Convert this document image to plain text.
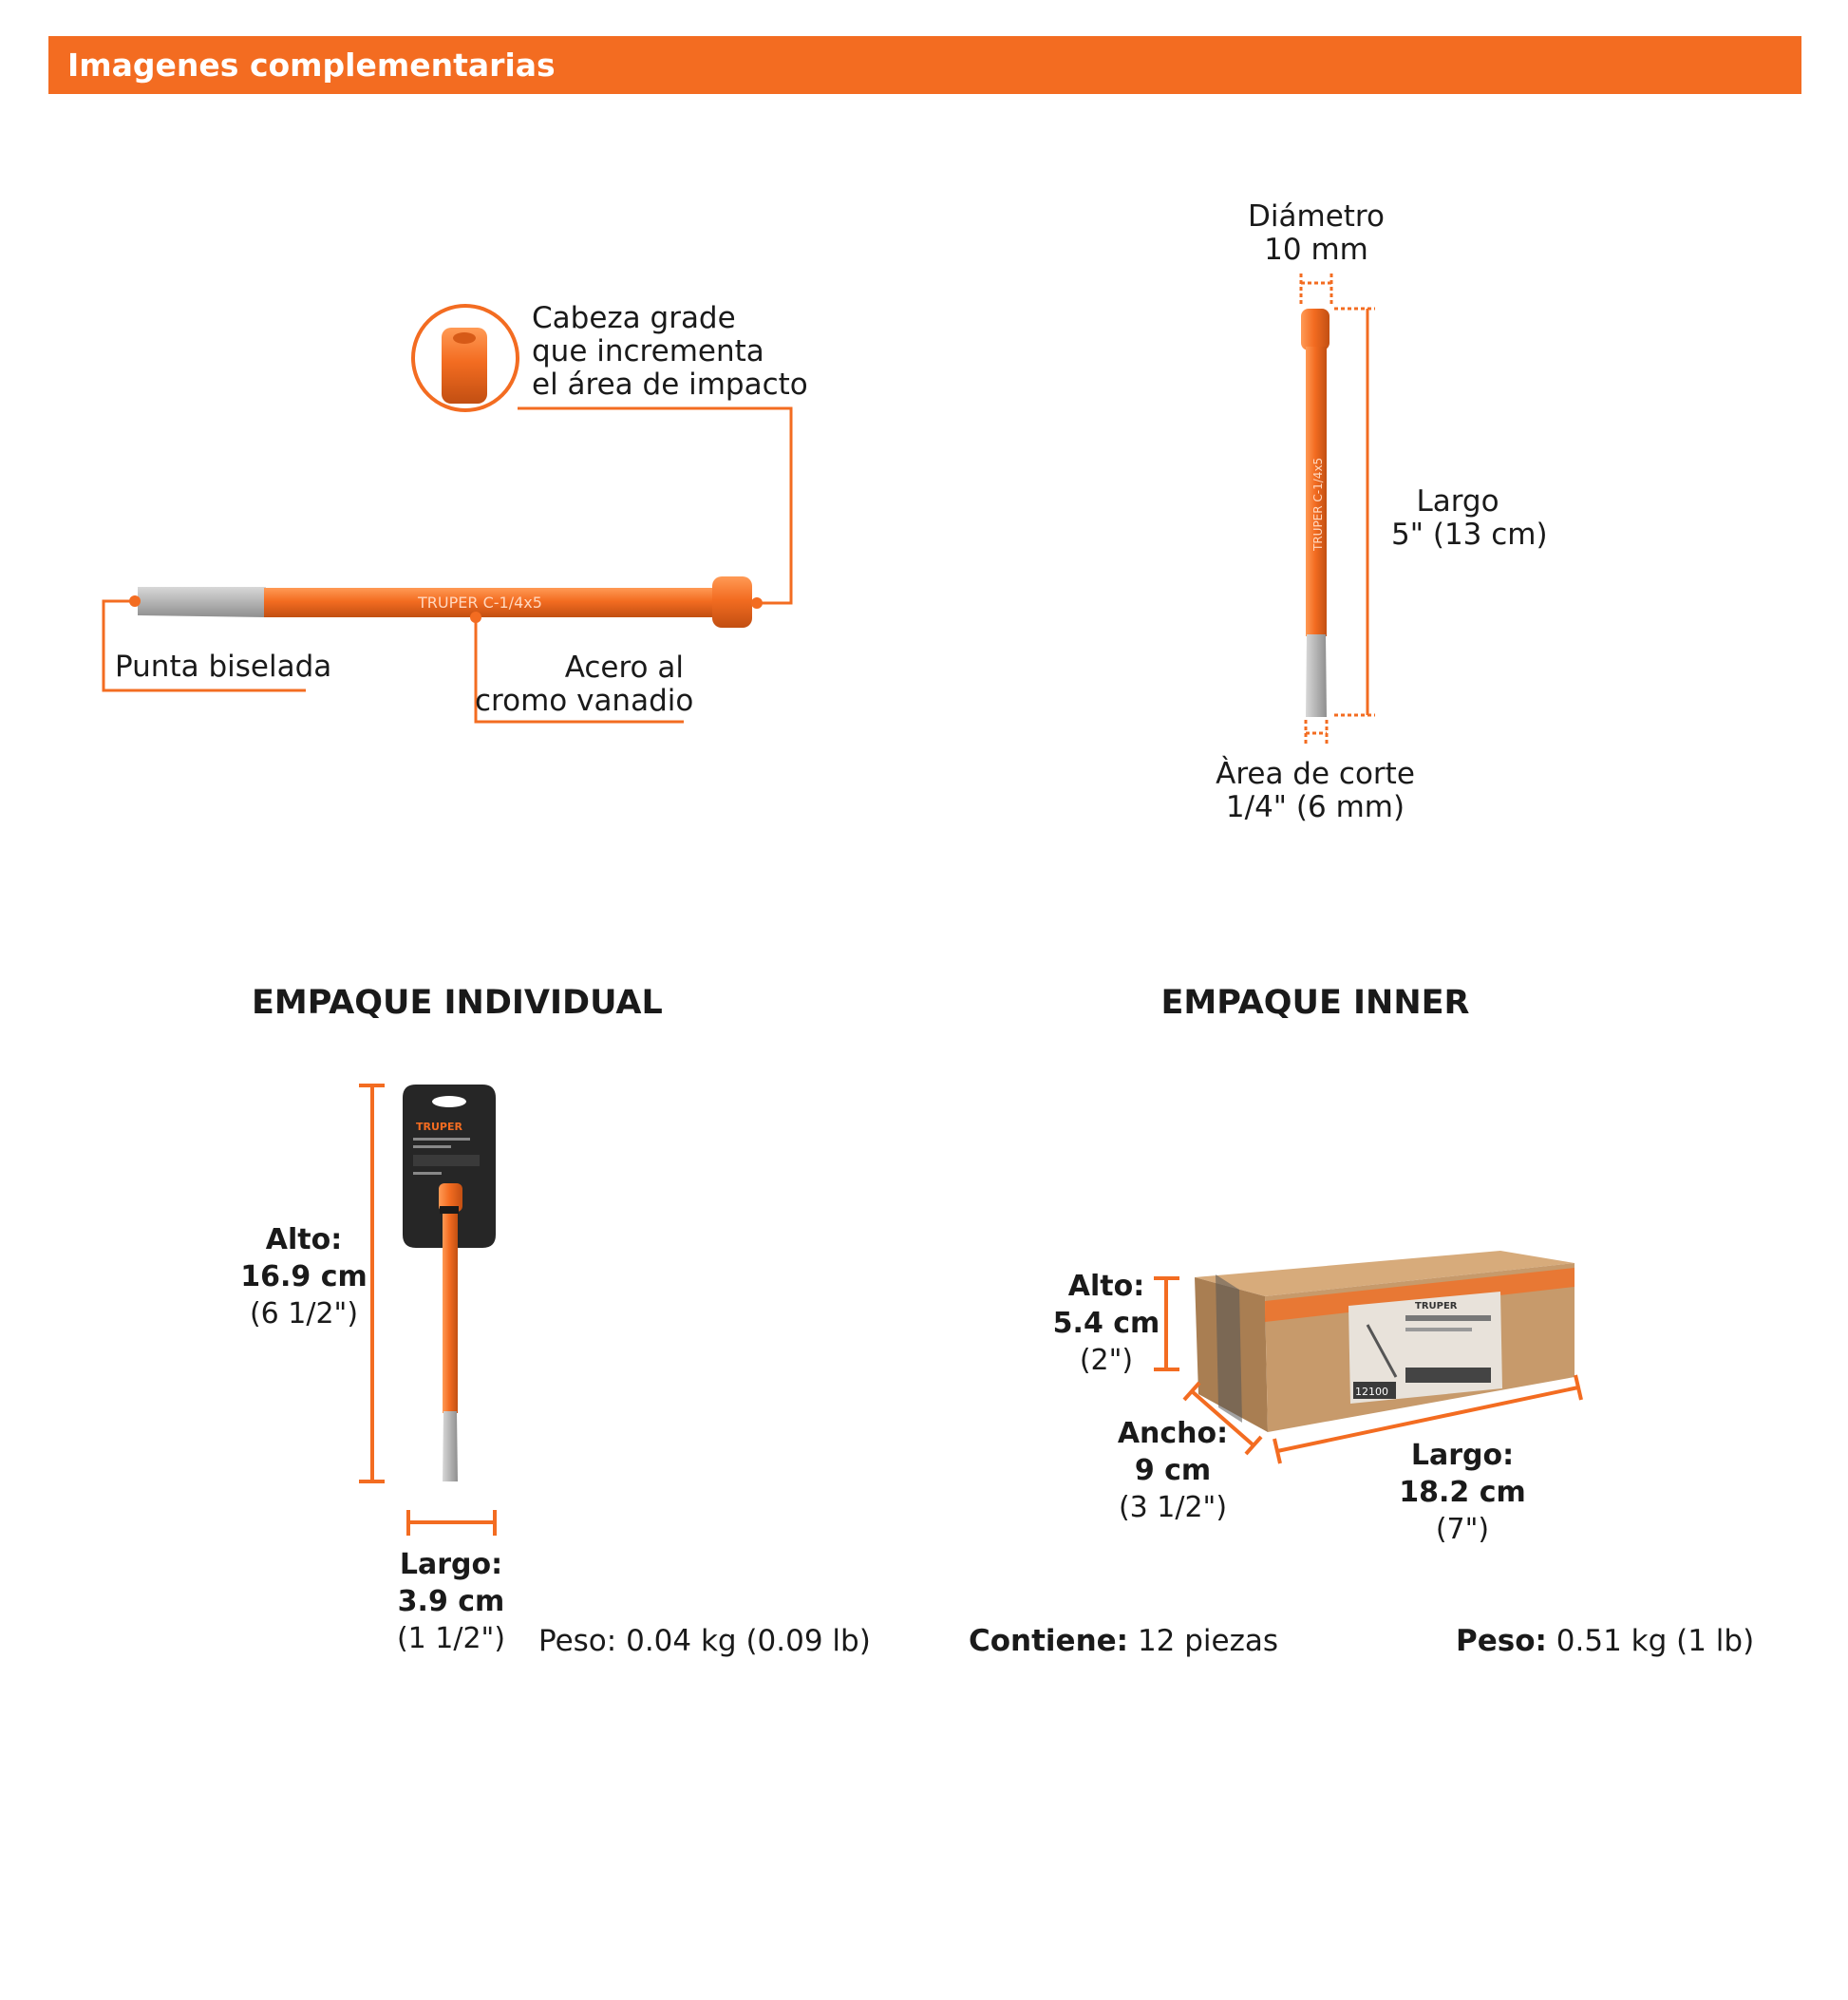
Imagenes complementarias
TRUPER C-1/4x5
TRUPER C-1/4x5
TRUPER
12100
TRUPER
Cabeza grade
que incrementa
el área de impacto
Punta biselada	Acero al
cromo vanadio
Diámetro
10 mm
Largo
5" (13 cm)
Àrea de corte
1/4" (6 mm)
EMPAQUE INDIVIDUAL	EMPAQUE INNER
Alto:
16.9 cm
(6 1/2")
Largo:
3.9 cm
(1 1/2")	Peso: 0.04 kg (0.09 lb)
Alto:
5.4 cm
(2")
Ancho:
9 cm
(3 1/2")
Largo:
18.2 cm
(7")
Contiene: 12 piezas	Peso: 0.51 kg (1 lb)
